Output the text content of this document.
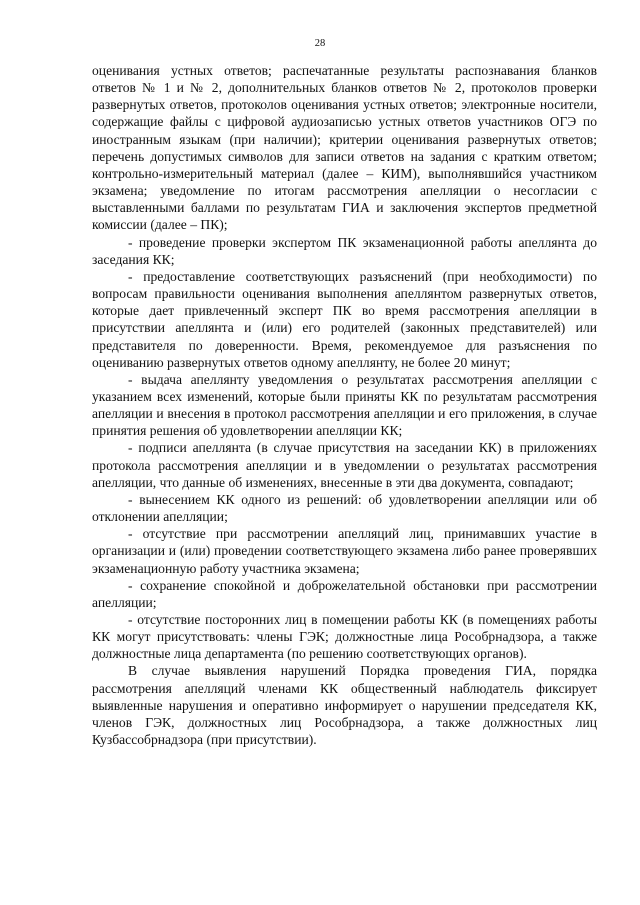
28

оценивания устных ответов; распечатанные результаты распознавания бланков ответов № 1 и № 2, дополнительных бланков ответов № 2, протоколов проверки развернутых ответов, протоколов оценивания устных ответов; электронные носители, содержащие файлы с цифровой аудиозаписью устных ответов участников ОГЭ по иностранным языкам (при наличии); критерии оценивания развернутых ответов; перечень допустимых символов для записи ответов на задания с кратким ответом; контрольно-измерительный материал (далее – КИМ), выполнявшийся участником экзамена; уведомление по итогам рассмотрения апелляции о несогласии с выставленными баллами по результатам ГИА и заключения экспертов предметной комиссии (далее – ПК);

- проведение проверки экспертом ПК экзаменационной работы апеллянта до заседания КК;

- предоставление соответствующих разъяснений (при необходимости) по вопросам правильности оценивания выполнения апеллянтом развернутых ответов, которые дает привлеченный эксперт ПК во время рассмотрения апелляции в присутствии апеллянта и (или) его родителей (законных представителей) или представителя по доверенности. Время, рекомендуемое для разъяснения по оцениванию развернутых ответов одному апеллянту, не более 20 минут;

- выдача апеллянту уведомления о результатах рассмотрения апелляции с указанием всех изменений, которые были приняты КК по результатам рассмотрения апелляции и внесения в протокол рассмотрения апелляции и его приложения, в случае принятия решения об удовлетворении апелляции КК;

- подписи апеллянта (в случае присутствия на заседании КК) в приложениях протокола рассмотрения апелляции и в уведомлении о результатах рассмотрения апелляции, что данные об изменениях, внесенные в эти два документа, совпадают;

- вынесением КК одного из решений: об удовлетворении апелляции или об отклонении апелляции;

- отсутствие при рассмотрении апелляций лиц, принимавших участие в организации и (или) проведении соответствующего экзамена либо ранее проверявших экзаменационную работу участника экзамена;

- сохранение спокойной и доброжелательной обстановки при рассмотрении апелляции;

- отсутствие посторонних лиц в помещении работы КК (в помещениях работы КК могут присутствовать: члены ГЭК; должностные лица Рособрнадзора, а также должностные лица департамента (по решению соответствующих органов).

В случае выявления нарушений Порядка проведения ГИА, порядка рассмотрения апелляций членами КК общественный наблюдатель фиксирует выявленные нарушения и оперативно информирует о нарушении председателя КК, членов ГЭК, должностных лиц Рособрнадзора, а также должностных лиц Кузбассобрнадзора (при присутствии).
